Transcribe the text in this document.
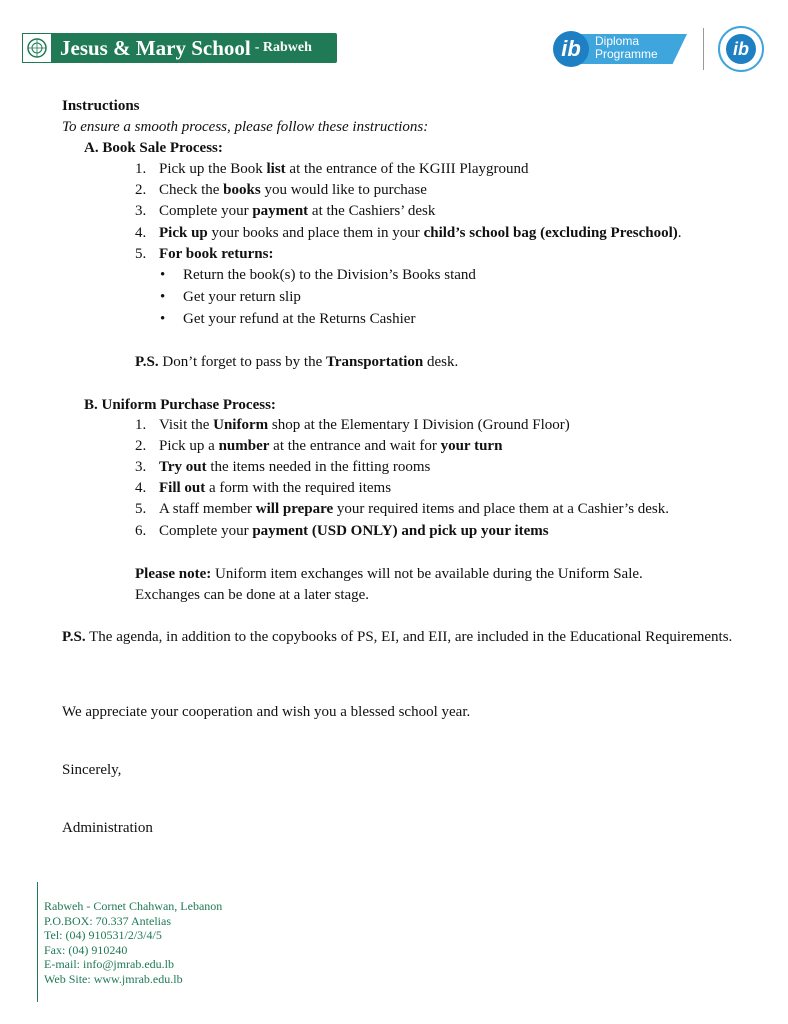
Jesus & Mary School - Rabweh	ib	Diploma
Programme	ib
Instructions
To ensure a smooth process, please follow these instructions:
A. Book Sale Process:
1. Pick up the Book list at the entrance of the KGIII Playground
2. Check the books you would like to purchase
3. Complete your payment at the Cashiers’ desk
4. Pick up your books and place them in your child’s school bag (excluding Preschool).
5. For book returns:
• Return the book(s) to the Division’s Books stand
• Get your return slip
• Get your refund at the Returns Cashier
P.S. Don’t forget to pass by the Transportation desk.
B. Uniform Purchase Process:
1. Visit the Uniform shop at the Elementary I Division (Ground Floor)
2. Pick up a number at the entrance and wait for your turn
3. Try out the items needed in the fitting rooms
4. Fill out a form with the required items
5. A staff member will prepare your required items and place them at a Cashier’s desk.
6. Complete your payment (USD ONLY) and pick up your items
Please note: Uniform item exchanges will not be available during the Uniform Sale.
Exchanges can be done at a later stage.
P.S. The agenda, in addition to the copybooks of PS, EI, and EII, are included in the Educational Requirements.
We appreciate your cooperation and wish you a blessed school year.
Sincerely,
Administration
Rabweh - Cornet Chahwan, Lebanon
P.O.BOX: 70.337 Antelias
Tel: (04) 910531/2/3/4/5
Fax: (04) 910240
E-mail: info@jmrab.edu.lb
Web Site: www.jmrab.edu.lb
